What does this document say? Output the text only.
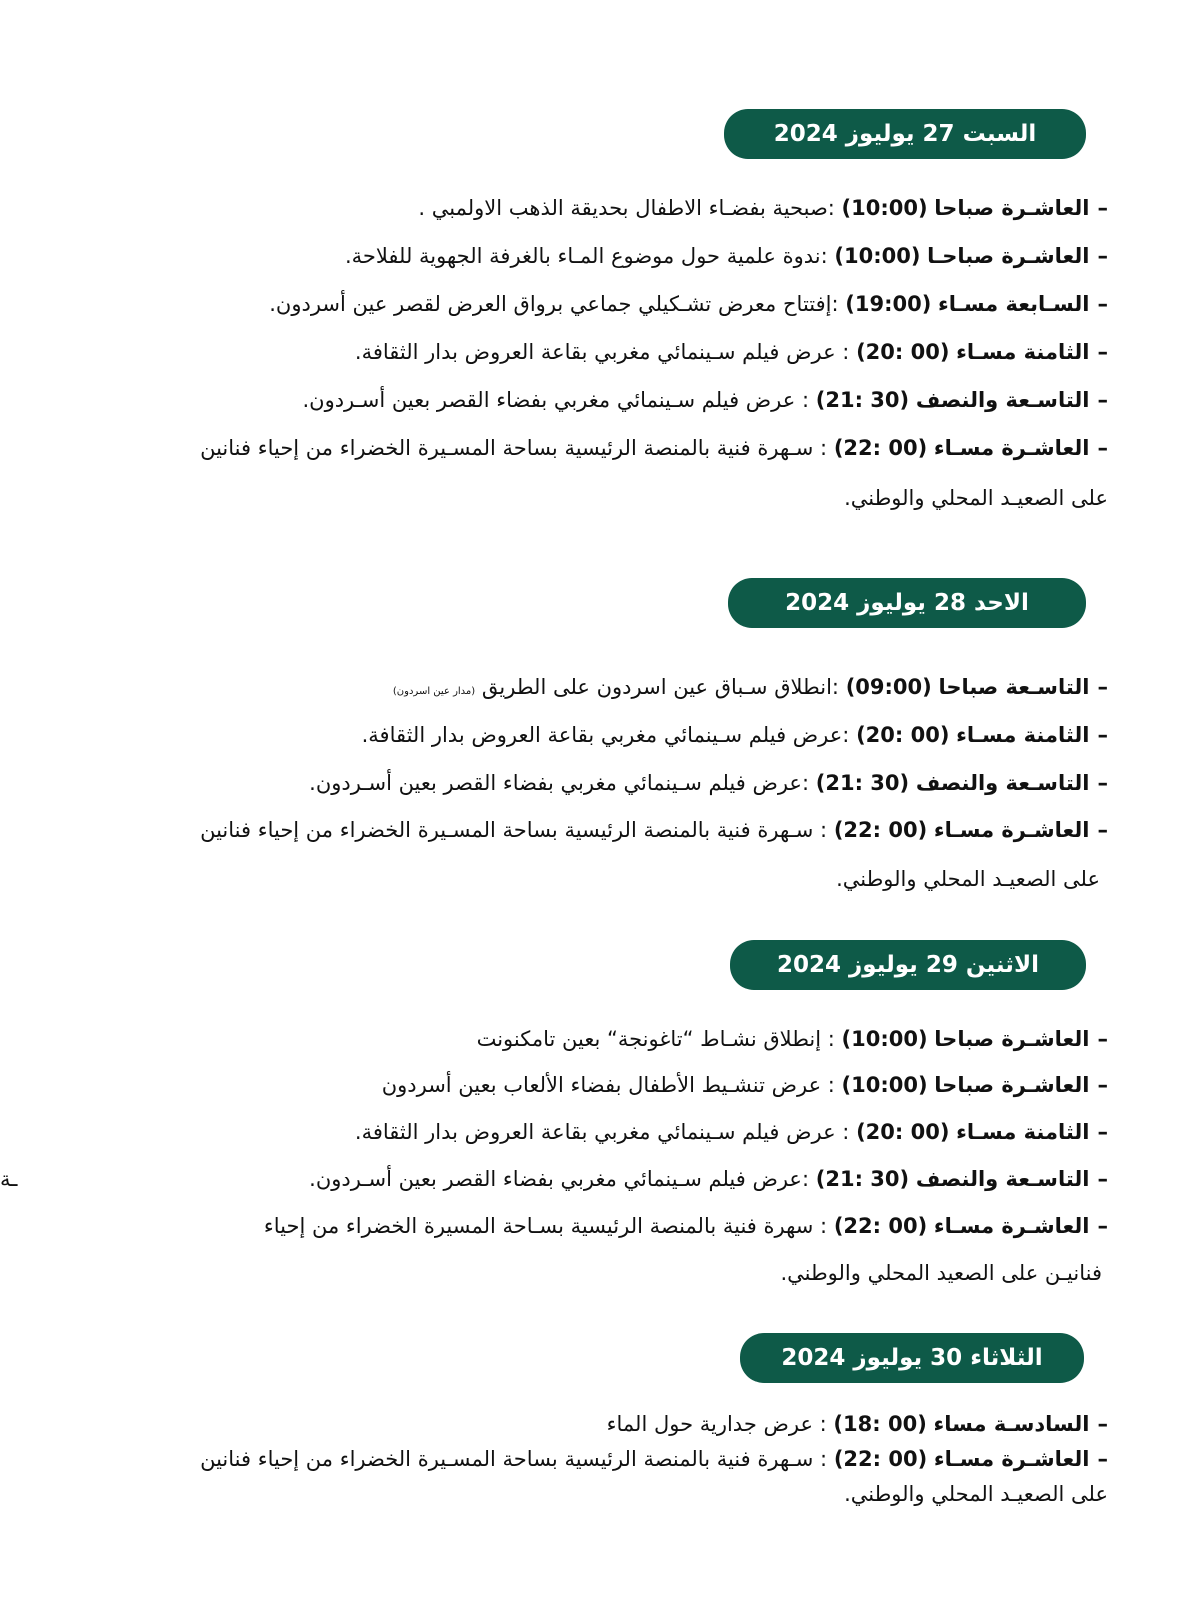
السبت 27 يوليوز 2024
–العاشـرة صباحا (10:00) :صبحية بفضـاء الاطفال بحديقة الذهب الاولمبي .
–العاشـرة صباحـا (10:00) :ندوة علمية حول موضوع المـاء بالغرفة الجهوية للفلاحة.
–السـابعة مسـاء (19:00) :إفتتاح معرض تشـكيلي جماعي برواق العرض لقصر عين أسردون.
–الثامنة مسـاء (00 :20) : عرض فيلم سـينمائي مغربي بقاعة العروض بدار الثقافة.
–التاسـعة والنصف (30 :21) : عرض فيلم سـينمائي مغربي بفضاء القصر بعين أسـردون.
–العاشـرة مسـاء (00 :22) : سـهرة فنية بالمنصة الرئيسية بساحة المسـيرة الخضراء من إحياء فنانين
على الصعيـد المحلي والوطني.
الاحد 28 يوليوز 2024
–التاسـعة صباحا (09:00) :انطلاق سـباق عين اسردون على الطريق (مدار عين اسردون)
–الثامنة مسـاء (00 :20) :عرض فيلم سـينمائي مغربي بقاعة العروض بدار الثقافة.
–التاسـعة والنصف (30 :21) :عرض فيلم سـينمائي مغربي بفضاء القصر بعين أسـردون.
–العاشـرة مسـاء (00 :22) : سـهرة فنية بالمنصة الرئيسية بساحة المسـيرة الخضراء من إحياء فنانين
على الصعيـد المحلي والوطني.
الاثنين 29 يوليوز 2024
–العاشـرة صباحا (10:00) : إنطلاق نشـاط “تاغونجة“ بعين تامكنونت
–العاشـرة صباحا (10:00) : عرض تنشـيط الأطفال بفضاء الألعاب بعين أسردون
–الثامنة مسـاء (00 :20) : عرض فيلم سـينمائي مغربي بقاعة العروض بدار الثقافة.
–التاسـعة والنصف (30 :21) :عرض فيلم سـينمائي مغربي بفضاء القصر بعين أسـردون.
ـة
–العاشـرة مسـاء (00 :22) : سهرة فنية بالمنصة الرئيسية بسـاحة المسيرة الخضراء من إحياء
فنانيـن على الصعيد المحلي والوطني.
الثلاثاء 30 يوليوز 2024
–السادسـة مساء (00 :18) : عرض جدارية حول الماء
–العاشـرة مسـاء (00 :22) : سـهرة فنية بالمنصة الرئيسية بساحة المسـيرة الخضراء من إحياء فنانين
على الصعيـد المحلي والوطني.
